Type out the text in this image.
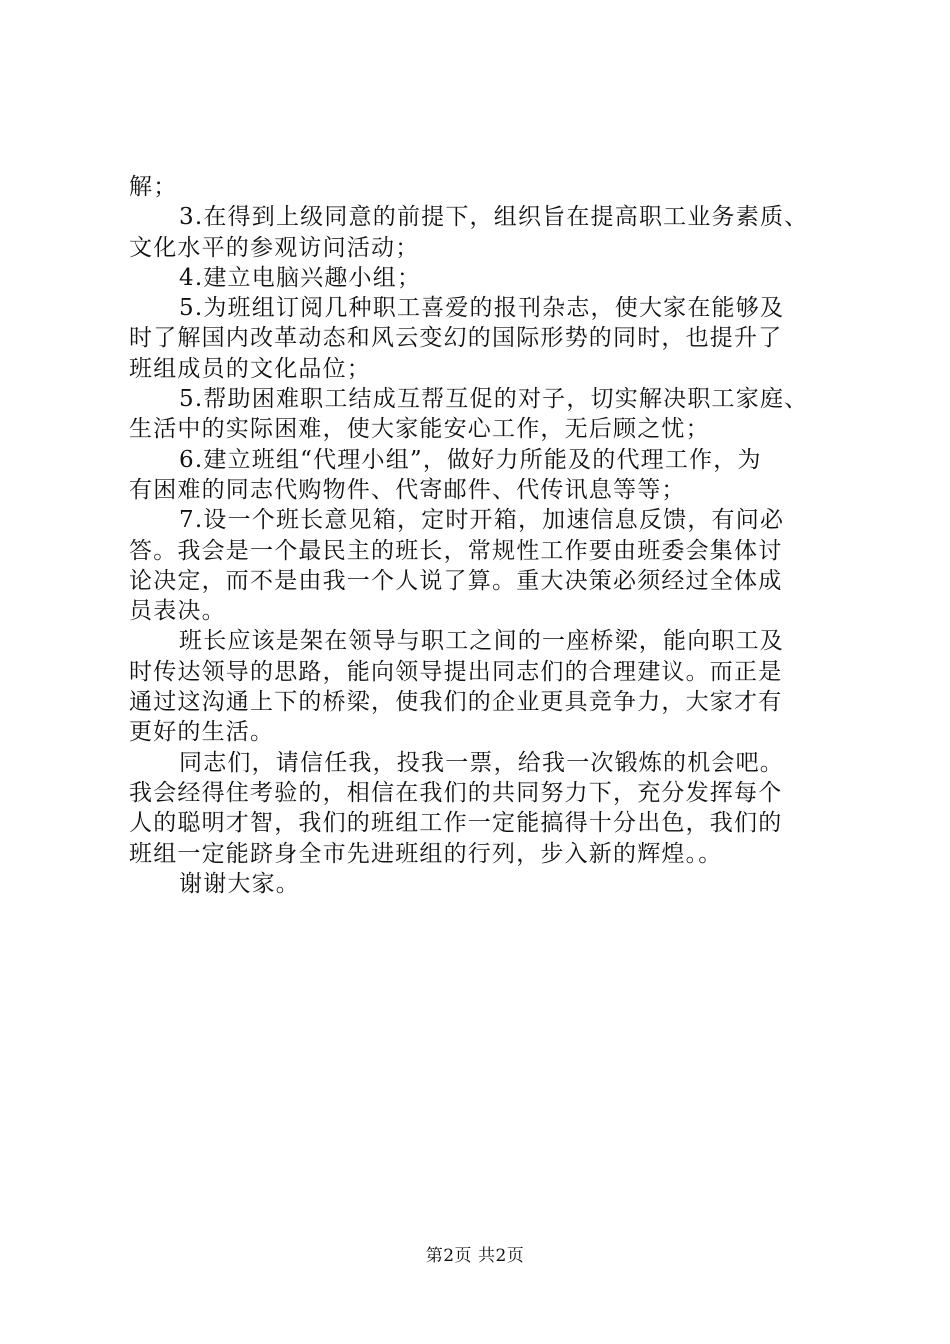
解；
3.在得到上级同意的前提下，组织旨在提高职工业务素质、
文化水平的参观访问活动；
4.建立电脑兴趣小组；
5.为班组订阅几种职工喜爱的报刊杂志，使大家在能够及
时了解国内改革动态和风云变幻的国际形势的同时，也提升了
班组成员的文化品位；
5.帮助困难职工结成互帮互促的对子，切实解决职工家庭、
生活中的实际困难，使大家能安心工作，无后顾之忧；
6.建立班组“代理小组”，做好力所能及的代理工作，为
有困难的同志代购物件、代寄邮件、代传讯息等等；
7.设一个班长意见箱，定时开箱，加速信息反馈，有问必
答。我会是一个最民主的班长，常规性工作要由班委会集体讨
论决定，而不是由我一个人说了算。重大决策必须经过全体成
员表决。
班长应该是架在领导与职工之间的一座桥梁，能向职工及
时传达领导的思路，能向领导提出同志们的合理建议。而正是
通过这沟通上下的桥梁，使我们的企业更具竞争力，大家才有
更好的生活。
同志们，请信任我，投我一票，给我一次锻炼的机会吧。
我会经得住考验的，相信在我们的共同努力下，充分发挥每个
人的聪明才智，我们的班组工作一定能搞得十分出色，我们的
班组一定能跻身全市先进班组的行列，步入新的辉煌。。
谢谢大家。
第2页 共2页
